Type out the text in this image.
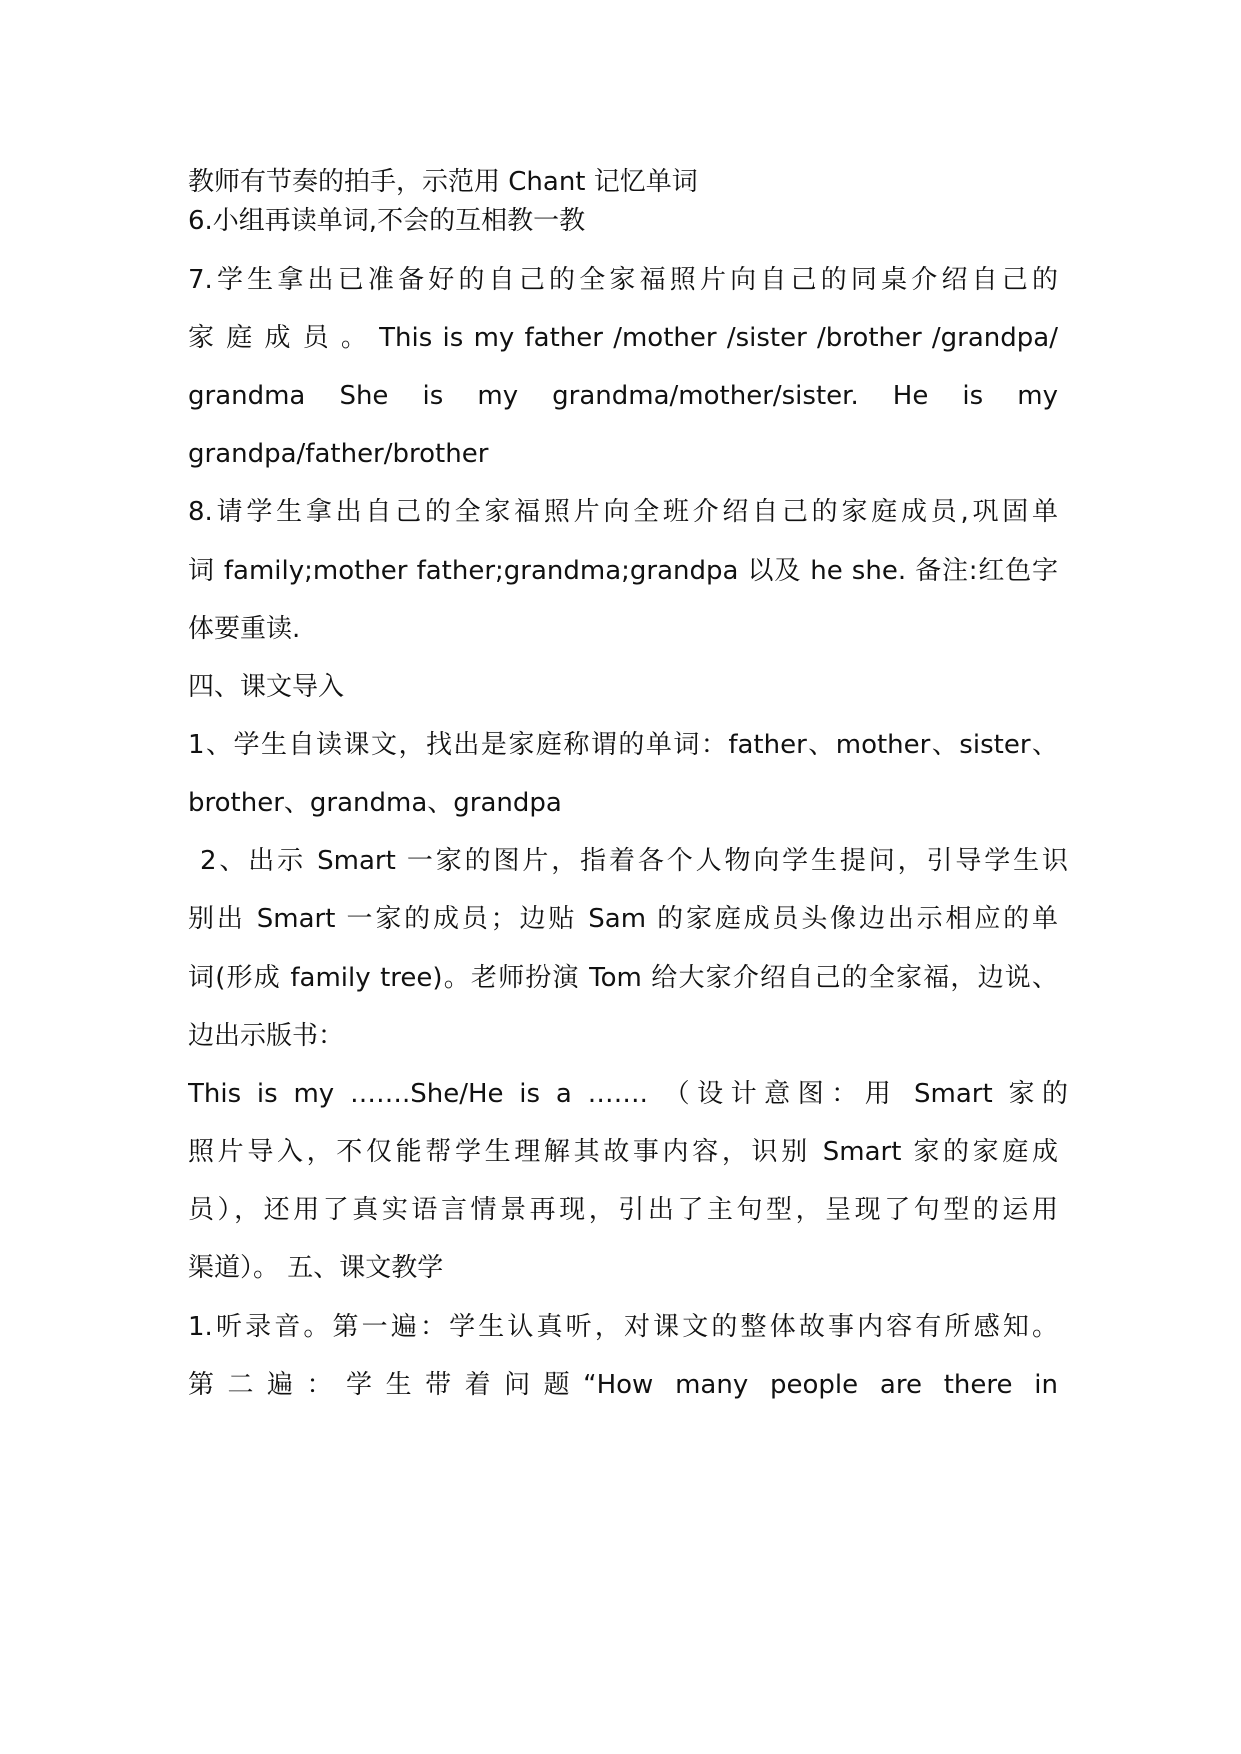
教师有节奏的拍手，示范用 Chant 记忆单词
6.小组再读单词,不会的互相教一教
7.学生拿出已准备好的自己的全家福照片向自己的同桌介绍自己的
家 庭 成 员 。 This is my father /mother /sister /brother /grandpa/
grandma She is my grandma/mother/sister. He is my
grandpa/father/brother
8.请学生拿出自己的全家福照片向全班介绍自己的家庭成员,巩固单
词 family;mother father;grandma;grandpa 以及 he she. 备注:红色字
体要重读.
四、课文导入
1、学生自读课文，找出是家庭称谓的单词：father、mother、sister、
brother、grandma、grandpa
2、出示 Smart 一家的图片，指着各个人物向学生提问，引导学生识
别出 Smart 一家的成员；边贴 Sam 的家庭成员头像边出示相应的单
词(形成 family tree)。老师扮演 Tom 给大家介绍自己的全家福，边说、
边出示版书：
This is my …….She/He is a ……. （设计意图：用 Smart 家的
照片导入，不仅能帮学生理解其故事内容，识别 Smart 家的家庭成
员），还用了真实语言情景再现，引出了主句型，呈现了句型的运用
渠道）。 五、课文教学
1.听录音。第一遍：学生认真听，对课文的整体故事内容有所感知。
第二遍：学生带着问题“How many people are there in
